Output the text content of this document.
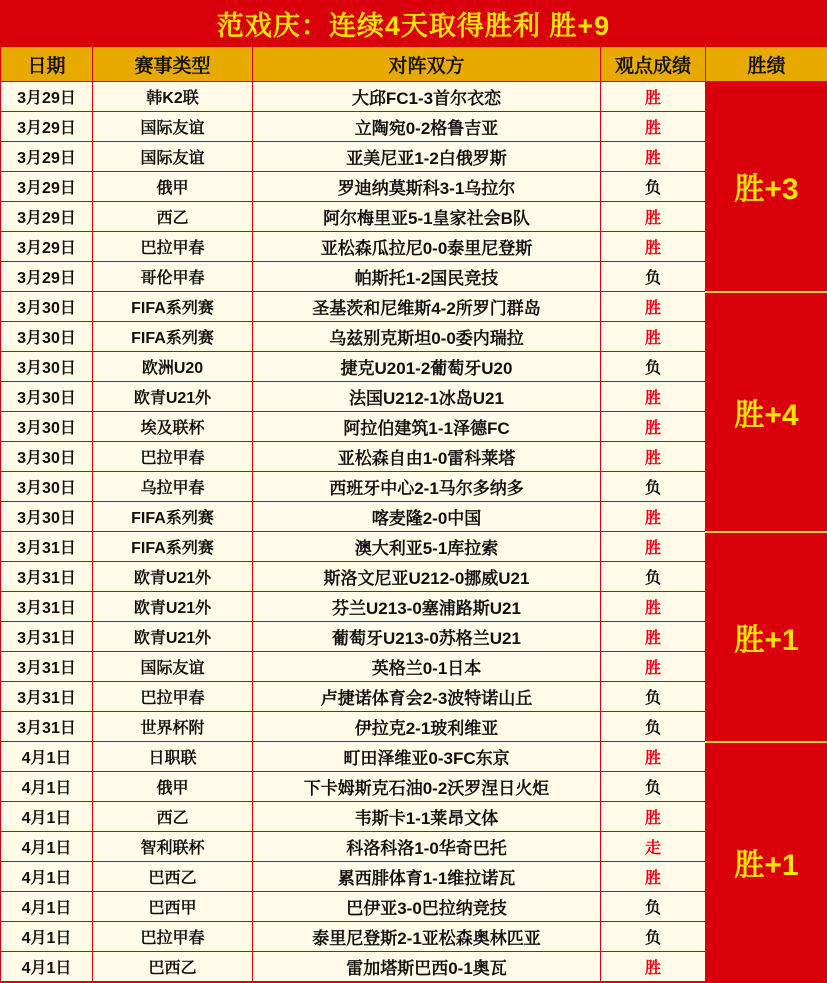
范戏庆：连续4天取得胜利 胜+9
日期	赛事类型	对阵双方	观点成绩	胜绩
3月29日	韩K2联	大邱FC1-3首尔衣恋	胜	胜+3
3月29日	国际友谊	立陶宛0-2格鲁吉亚	胜	
3月29日	国际友谊	亚美尼亚1-2白俄罗斯	胜	
3月29日	俄甲	罗迪纳莫斯科3-1乌拉尔	负	
3月29日	西乙	阿尔梅里亚5-1皇家社会B队	胜	
3月29日	巴拉甲春	亚松森瓜拉尼0-0泰里尼登斯	胜	
3月29日	哥伦甲春	帕斯托1-2国民竞技	负	
3月30日	FIFA系列赛	圣基茨和尼维斯4-2所罗门群岛	胜	胜+4
3月30日	FIFA系列赛	乌兹别克斯坦0-0委内瑞拉	胜	
3月30日	欧洲U20	捷克U201-2葡萄牙U20	负	
3月30日	欧青U21外	法国U212-1冰岛U21	胜	
3月30日	埃及联杯	阿拉伯建筑1-1泽德FC	胜	
3月30日	巴拉甲春	亚松森自由1-0雷科莱塔	胜	
3月30日	乌拉甲春	西班牙中心2-1马尔多纳多	负	
3月30日	FIFA系列赛	喀麦隆2-0中国	胜	
3月31日	FIFA系列赛	澳大利亚5-1库拉索	胜	胜+1
3月31日	欧青U21外	斯洛文尼亚U212-0挪威U21	负	
3月31日	欧青U21外	芬兰U213-0塞浦路斯U21	胜	
3月31日	欧青U21外	葡萄牙U213-0苏格兰U21	胜	
3月31日	国际友谊	英格兰0-1日本	胜	
3月31日	巴拉甲春	卢捷诺体育会2-3波特诺山丘	负	
3月31日	世界杯附	伊拉克2-1玻利维亚	负	
4月1日	日职联	町田泽维亚0-3FC东京	胜	胜+1
4月1日	俄甲	下卡姆斯克石油0-2沃罗涅日火炬	负	
4月1日	西乙	韦斯卡1-1莱昂文体	胜	
4月1日	智利联杯	科洛科洛1-0华奇巴托	走	
4月1日	巴西乙	累西腓体育1-1维拉诺瓦	胜	
4月1日	巴西甲	巴伊亚3-0巴拉纳竞技	负	
4月1日	巴拉甲春	泰里尼登斯2-1亚松森奥林匹亚	负	
4月1日	巴西乙	雷加塔斯巴西0-1奥瓦	胜	
